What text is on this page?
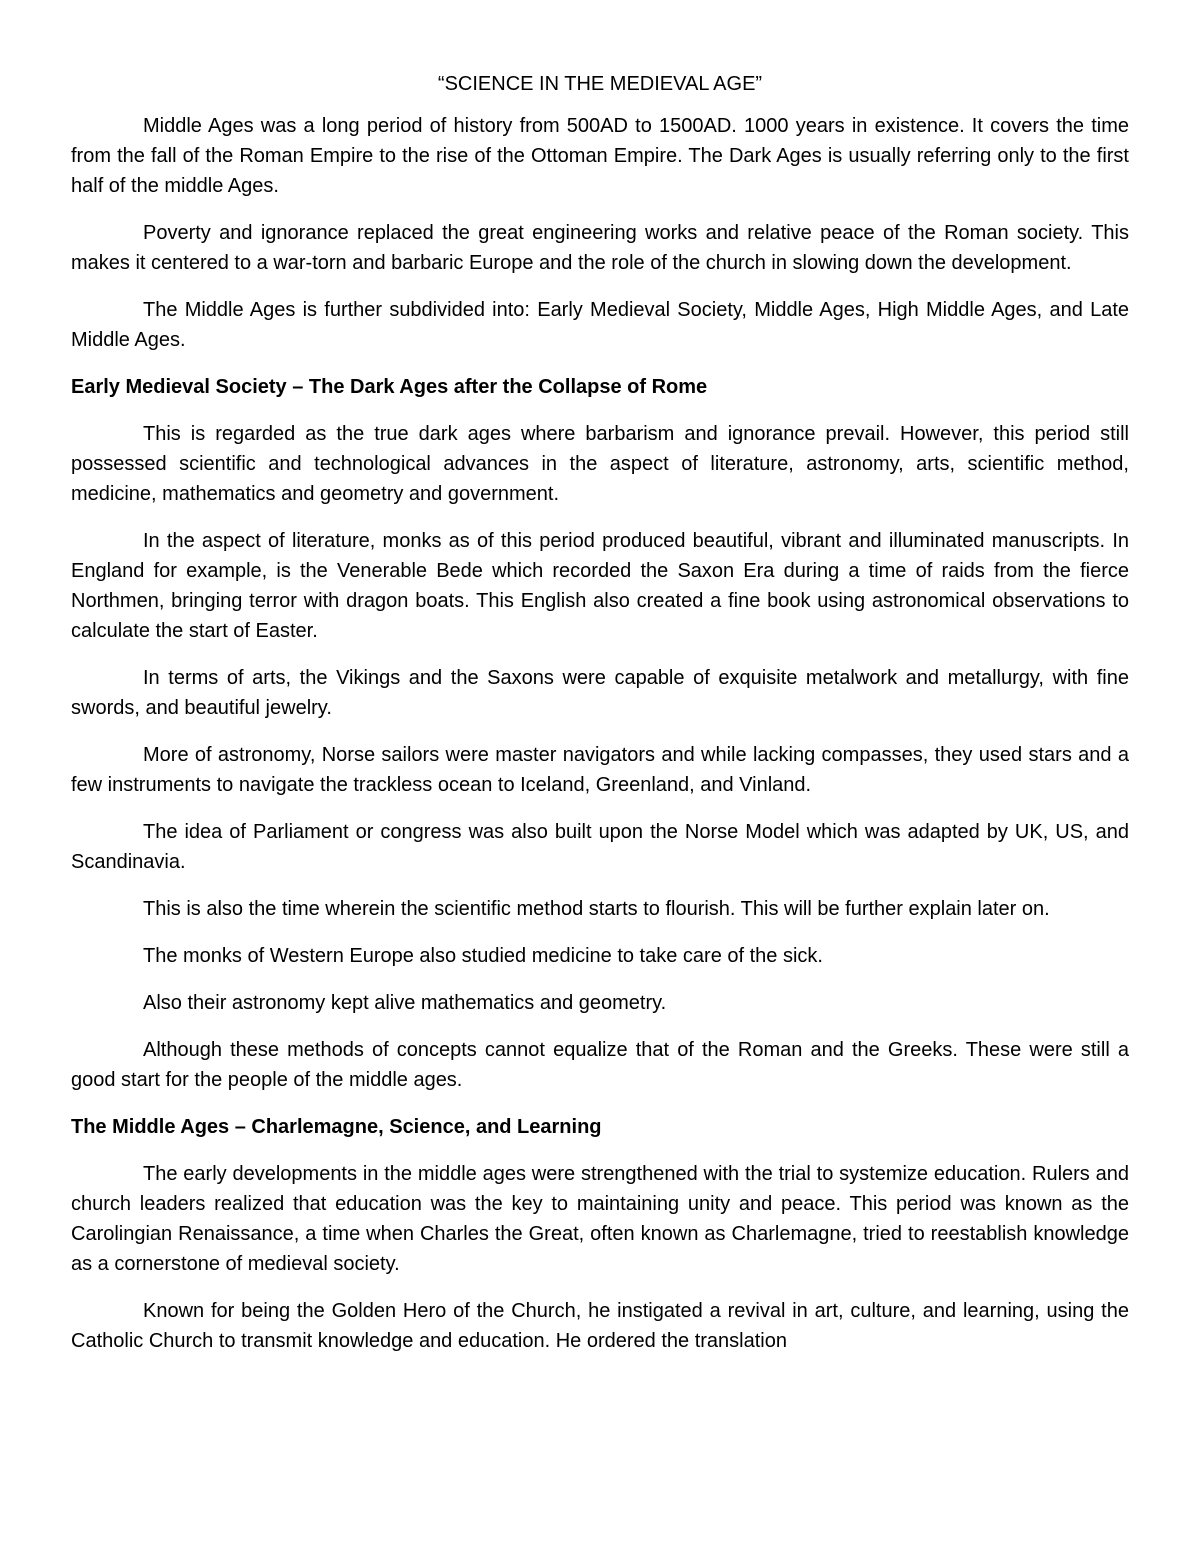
“SCIENCE IN THE MEDIEVAL AGE”

Middle Ages was a long period of history from 500AD to 1500AD. 1000 years in existence. It covers the time from the fall of the Roman Empire to the rise of the Ottoman Empire. The Dark Ages is usually referring only to the first half of the middle Ages.

Poverty and ignorance replaced the great engineering works and relative peace of the Roman society. This makes it centered to a war-torn and barbaric Europe and the role of the church in slowing down the development.

The Middle Ages is further subdivided into: Early Medieval Society, Middle Ages, High Middle Ages, and Late Middle Ages.

Early Medieval Society – The Dark Ages after the Collapse of Rome

This is regarded as the true dark ages where barbarism and ignorance prevail. However, this period still possessed scientific and technological advances in the aspect of literature, astronomy, arts, scientific method, medicine, mathematics and geometry and government.

In the aspect of literature, monks as of this period produced beautiful, vibrant and illuminated manuscripts. In England for example, is the Venerable Bede which recorded the Saxon Era during a time of raids from the fierce Northmen, bringing terror with dragon boats. This English also created a fine book using astronomical observations to calculate the start of Easter.

In terms of arts, the Vikings and the Saxons were capable of exquisite metalwork and metallurgy, with fine swords, and beautiful jewelry.

More of astronomy, Norse sailors were master navigators and while lacking compasses, they used stars and a few instruments to navigate the trackless ocean to Iceland, Greenland, and Vinland.

The idea of Parliament or congress was also built upon the Norse Model which was adapted by UK, US, and Scandinavia.

This is also the time wherein the scientific method starts to flourish. This will be further explain later on.

The monks of Western Europe also studied medicine to take care of the sick.

Also their astronomy kept alive mathematics and geometry.

Although these methods of concepts cannot equalize that of the Roman and the Greeks. These were still a good start for the people of the middle ages.

The Middle Ages – Charlemagne, Science, and Learning

The early developments in the middle ages were strengthened with the trial to systemize education. Rulers and church leaders realized that education was the key to maintaining unity and peace. This period was known as the Carolingian Renaissance, a time when Charles the Great, often known as Charlemagne, tried to reestablish knowledge as a cornerstone of medieval society.

Known for being the Golden Hero of the Church, he instigated a revival in art, culture, and learning, using the Catholic Church to transmit knowledge and education. He ordered the translation
